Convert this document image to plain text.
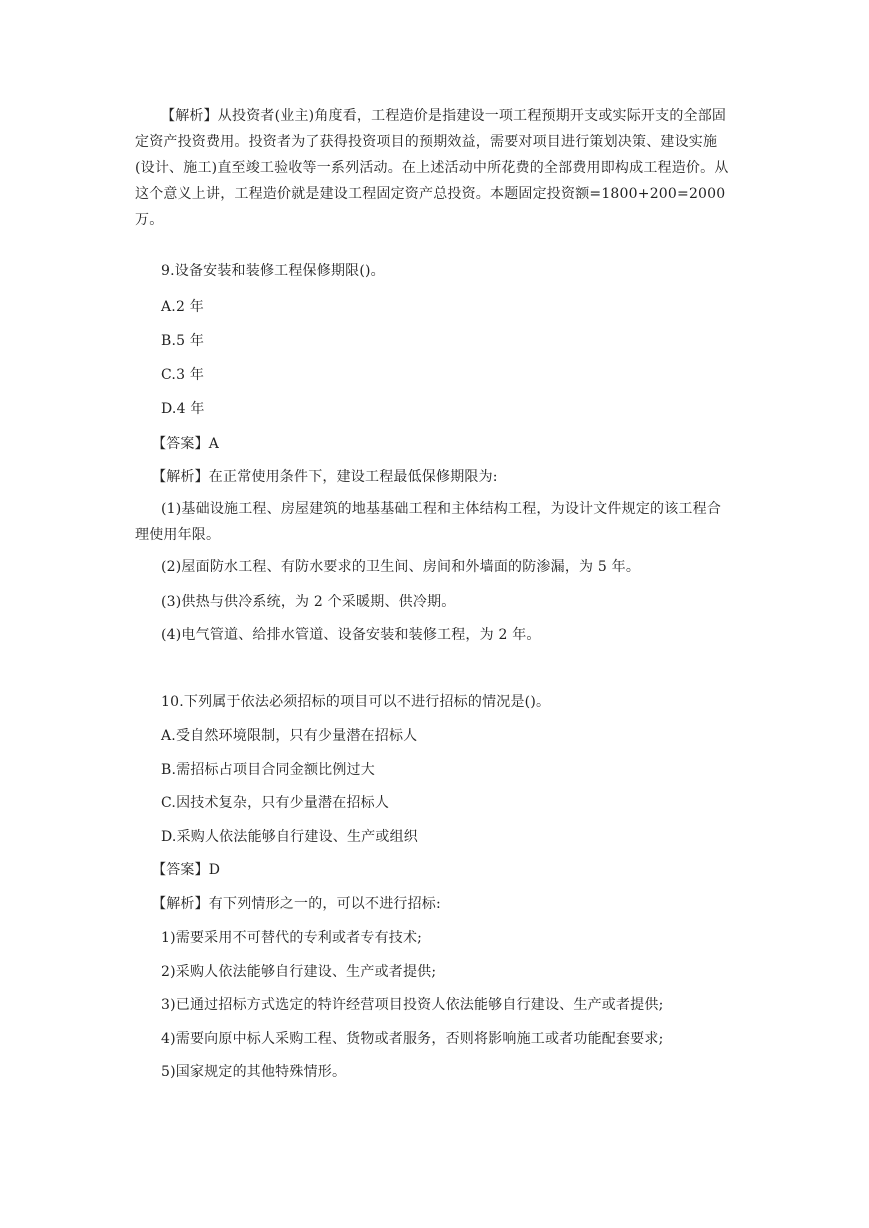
【解析】从投资者(业主)角度看，工程造价是指建设一项工程预期开支或实际开支的全部固定资产投资费用。投资者为了获得投资项目的预期效益，需要对项目进行策划决策、建设实施(设计、施工)直至竣工验收等一系列活动。在上述活动中所花费的全部费用即构成工程造价。从这个意义上讲，工程造价就是建设工程固定资产总投资。本题固定投资额=1800+200=2000 万。
9.设备安装和装修工程保修期限()。
A.2 年
B.5 年
C.3 年
D.4 年
【答案】A
【解析】在正常使用条件下，建设工程最低保修期限为:
(1)基础设施工程、房屋建筑的地基基础工程和主体结构工程，为设计文件规定的该工程合理使用年限。
(2)屋面防水工程、有防水要求的卫生间、房间和外墙面的防渗漏，为 5 年。
(3)供热与供冷系统，为 2 个采暖期、供冷期。
(4)电气管道、给排水管道、设备安装和装修工程，为 2 年。
10.下列属于依法必须招标的项目可以不进行招标的情况是()。
A.受自然环境限制，只有少量潜在招标人
B.需招标占项目合同金额比例过大
C.因技术复杂，只有少量潜在招标人
D.采购人依法能够自行建设、生产或组织
【答案】D
【解析】有下列情形之一的，可以不进行招标:
1)需要采用不可替代的专利或者专有技术;
2)采购人依法能够自行建设、生产或者提供;
3)已通过招标方式选定的特许经营项目投资人依法能够自行建设、生产或者提供;
4)需要向原中标人采购工程、货物或者服务，否则将影响施工或者功能配套要求;
5)国家规定的其他特殊情形。
